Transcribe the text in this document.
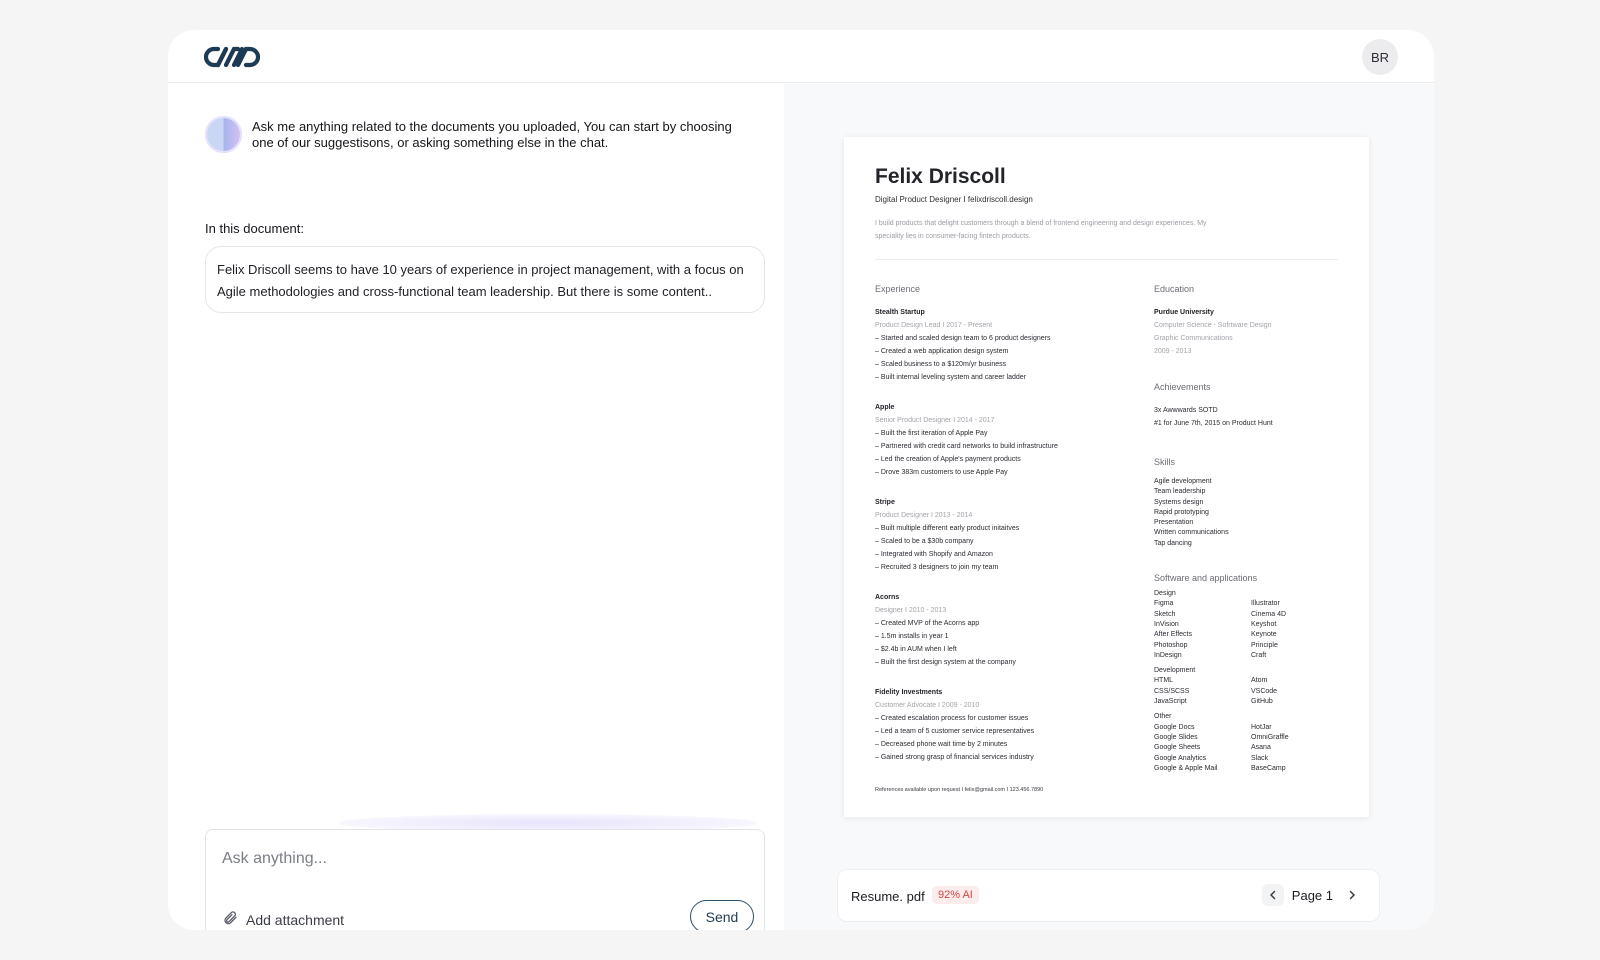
BR
Ask me anything related to the documents you uploaded, You can start by choosing one of our suggestisons, or asking something else in the chat.
In this document:
Felix Driscoll seems to have 10 years of experience in project management, with a focus on Agile methodologies and cross-functional team leadership. But there is some content..
Ask anything...
Add attachment	Send
Felix Driscoll
Digital Product Designer I felixdriscoll.design
I build products that delight customers through a blend of frontend engineering and design experiences. My speciality lies in consumer-facing fintech products.
Experience
Stealth Startup
Product Design Lead I 2017 - Present
– Started and scaled design team to 6 product designers
– Created a web application design system
– Scaled business to a $120m/yr business
– Built internal leveling system and career ladder
Apple
Senior Product Designer I 2014 - 2017
– Built the first iteration of Apple Pay
– Partnered with credit card networks to build infrastructure
– Led the creation of Apple's payment products
– Drove 383m customers to use Apple Pay
Stripe
Product Designer I 2013 - 2014
– Built multiple different early product initaitves
– Scaled to be a $30b company
– Integrated with Shopify and Amazon
– Recruited 3 designers to join my team
Acorns
Designer I 2010 - 2013
– Created MVP of the Acorns app
– 1.5m installs in year 1
– $2.4b in AUM when I left
– Built the first design system at the company
Fidelity Investments
Customer Advocate I 2009 - 2010
– Created escalation process for customer issues
– Led a team of 5 customer service representatives
– Decreased phone wait time by 2 minutes
– Gained strong grasp of financial services industry
Education
Purdue University
Computer Science - Sofrtware Design
Graphic Communications
2009 - 2013
Achievements
3x Awwwards SOTD
#1 for June 7th, 2015 on Product Hunt
Skills
Agile development
Team leadership
Systems design
Rapid prototyping
Presentation
Written communications
Tap dancing
Software and applications
Design
Figma	Illustrator
Sketch	Cinema 4D
InVision	Keyshot
After Effects	Keynote
Photoshop	Principle
InDesign	Craft
Development
HTML	Atom
CSS/SCSS	VSCode
JavaScript	GitHub
Other
Google Docs	HotJar
Google Slides	OmniGraffle
Google Sheets	Asana
Google Analytics	Slack
Google & Apple Mail	BaseCamp
References available upon request I felix@gmail.com I 123.456.7890
Resume. pdf	92% AI	Page 1
